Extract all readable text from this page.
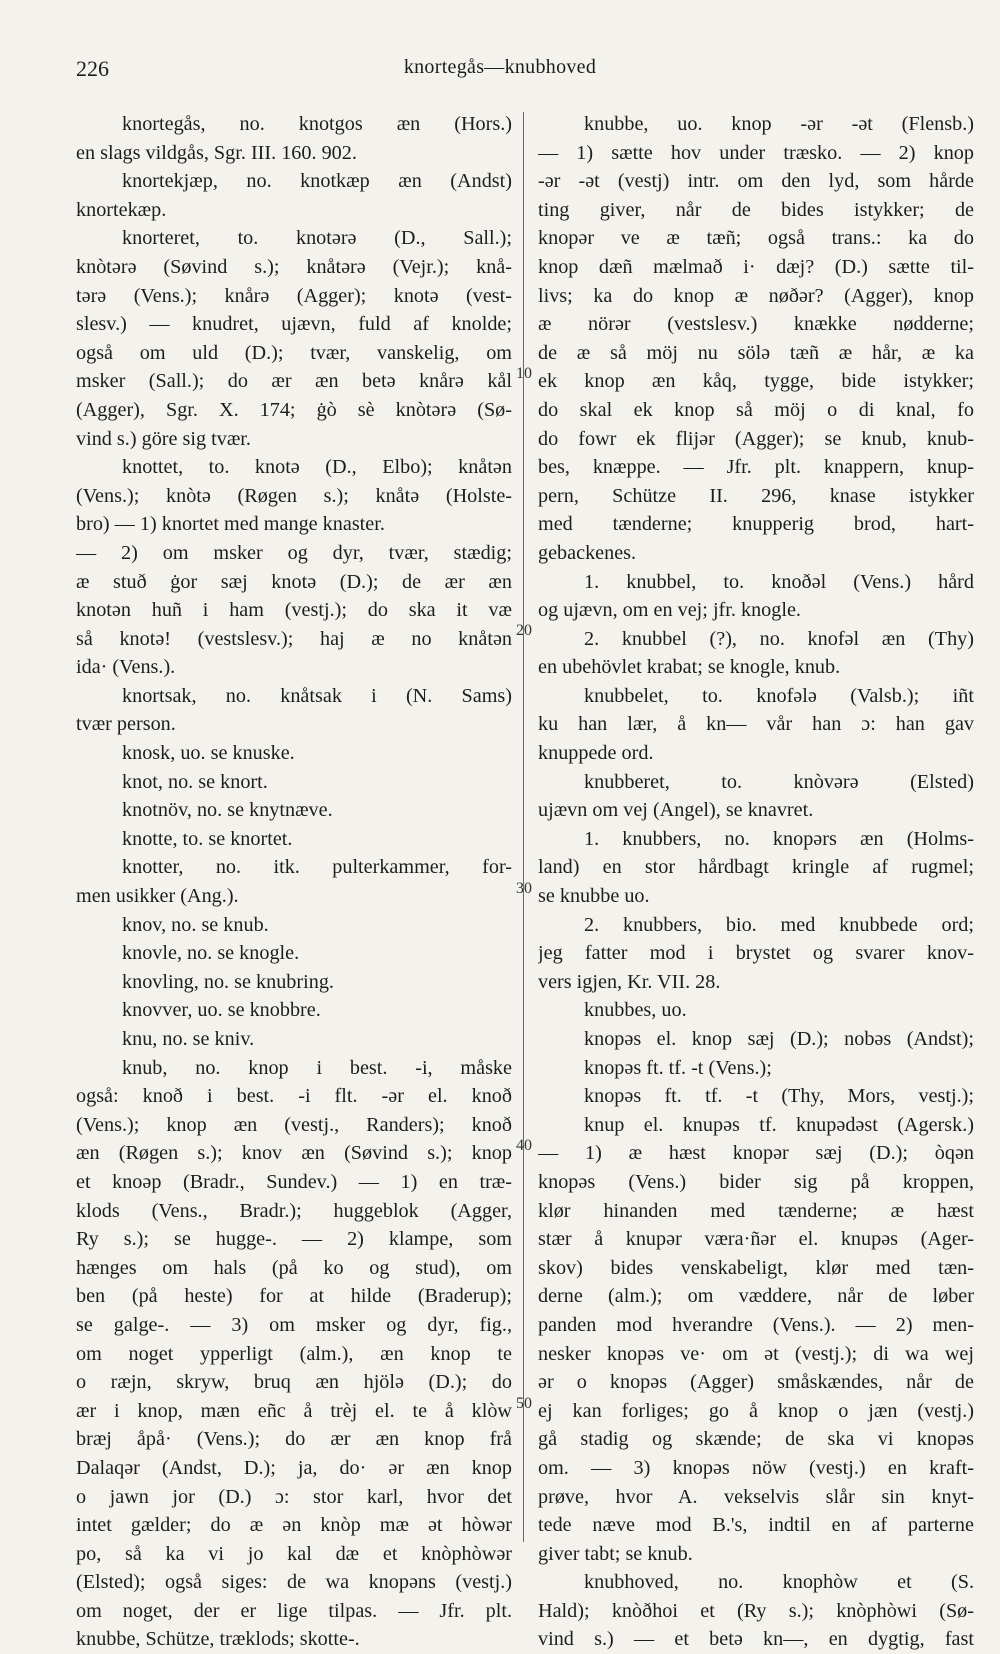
226	knortegås—knubhoved
knortegås, no. knotgos æn (Hors.)
en slags vildgås, Sgr. III. 160. 902.
knortekjæp, no. knotkæp æn (Andst)
knortekæp.
knorteret, to. knotərə (D., Sall.);
knòtərə (Søvind s.); knåtərə (Vejr.); knå-
tərə (Vens.); knårə (Agger); knotə (vest-
slesv.) — knudret, ujævn, fuld af knolde;
også om uld (D.); tvær, vanskelig, om
msker (Sall.); do ær æn betə knårə kål
(Agger), Sgr. X. 174; ġò sè knòtərə (Sø-
vind s.) göre sig tvær.
knottet, to. knotə (D., Elbo); knåtən
(Vens.); knòtə (Røgen s.); knåtə (Holste-
bro) — 1) knortet med mange knaster.
— 2) om msker og dyr, tvær, stædig;
æ stuð ġor sæj knotə (D.); de ær æn
knotən huñ i ham (vestj.); do ska it væ
så knotə! (vestslesv.); haj æ no knåtən
ida· (Vens.).
knortsak, no. knåtsak i (N. Sams)
tvær person.
knosk, uo. se knuske.
knot, no. se knort.
knotnöv, no. se knytnæve.
knotte, to. se knortet.
knotter, no. itk. pulterkammer, for-
men usikker (Ang.).
knov, no. se knub.
knovle, no. se knogle.
knovling, no. se knubring.
knovver, uo. se knobbre.
knu, no. se kniv.
knub, no. knop i best. -i, måske
også: knoð i best. -i flt. -ər el. knoð
(Vens.); knop æn (vestj., Randers); knoð
æn (Røgen s.); knov æn (Søvind s.); knop
et knoəp (Bradr., Sundev.) — 1) en træ-
klods (Vens., Bradr.); huggeblok (Agger,
Ry s.); se hugge-. — 2) klampe, som
hænges om hals (på ko og stud), om
ben (på heste) for at hilde (Braderup);
se galge-. — 3) om msker og dyr, fig.,
om noget ypperligt (alm.), æn knop te
o ræjn, skryw, bruq æn hjölə (D.); do
ær i knop, mæn eñc å trèj el. te å klòw
bræj åpå· (Vens.); do ær æn knop frå
Dalaqər (Andst, D.); ja, do· ər æn knop
o jawn jor (D.) ɔ: stor karl, hvor det
intet gælder; do æ ən knòp mæ ət hòwər
po, så ka vi jo kal dæ et knòphòwər
(Elsted); også siges: de wa knopəns (vestj.)
om noget, der er lige tilpas. — Jfr. plt.
knubbe, Schütze, træklods; skotte-.
knubbe, uo. knop -ər -ət (Flensb.)
— 1) sætte hov under træsko. — 2) knop
-ər -ət (vestj) intr. om den lyd, som hårde
ting giver, når de bides istykker; de
knopər ve æ tæñ; også trans.: ka do
knop dæñ mælmað i· dæj? (D.) sætte til-
livs; ka do knop æ nøðər? (Agger), knop
æ nörər (vestslesv.) knække nødderne;
de æ så möj nu sölə tæñ æ hår, æ ka
ek knop æn kåq, tygge, bide istykker;
do skal ek knop så möj o di knal, fo
do fowr ek flijər (Agger); se knub, knub-
bes, knæppe. — Jfr. plt. knappern, knup-
pern, Schütze II. 296, knase istykker
med tænderne; knupperig brod, hart-
gebackenes.
1. knubbel, to. knoðəl (Vens.) hård
og ujævn, om en vej; jfr. knogle.
2. knubbel (?), no. knofəl æn (Thy)
en ubehövlet krabat; se knogle, knub.
knubbelet, to. knofələ (Valsb.); iñt
ku han lær, å kn— vår han ɔ: han gav
knuppede ord.
knubberet, to. knòvərə (Elsted)
ujævn om vej (Angel), se knavret.
1. knubbers, no. knopərs æn (Holms-
land) en stor hårdbagt kringle af rugmel;
se knubbe uo.
2. knubbers, bio. med knubbede ord;
jeg fatter mod i brystet og svarer knov-
vers igjen, Kr. VII. 28.
knubbes, uo.
knopəs el. knop sæj (D.); nobəs (Andst);
knopəs ft. tf. -t (Vens.);
knopəs ft. tf. -t (Thy, Mors, vestj.);
knup el. knupəs tf. knupədəst (Agersk.)
— 1) æ hæst knopər sæj (D.); òqən
knopəs (Vens.) bider sig på kroppen,
klør hinanden med tænderne; æ hæst
stær å knupər væra·ñər el. knupəs (Ager-
skov) bides venskabeligt, klør med tæn-
derne (alm.); om væddere, når de løber
panden mod hverandre (Vens.). — 2) men-
nesker knopəs ve· om ət (vestj.); di wa wej
ər o knopəs (Agger) småskændes, når de
ej kan forliges; go å knop o jæn (vestj.)
gå stadig og skænde; de ska vi knopəs
om. — 3) knopəs nöw (vestj.) en kraft-
prøve, hvor A. vekselvis slår sin knyt-
tede næve mod B.'s, indtil en af parterne
giver tabt; se knub.
knubhoved, no. knophòw et (S.
Hald); knòðhoi et (Ry s.); knòphòwi (Sø-
vind s.) — et betə kn—, en dygtig, fast
10
20
30
40
50
